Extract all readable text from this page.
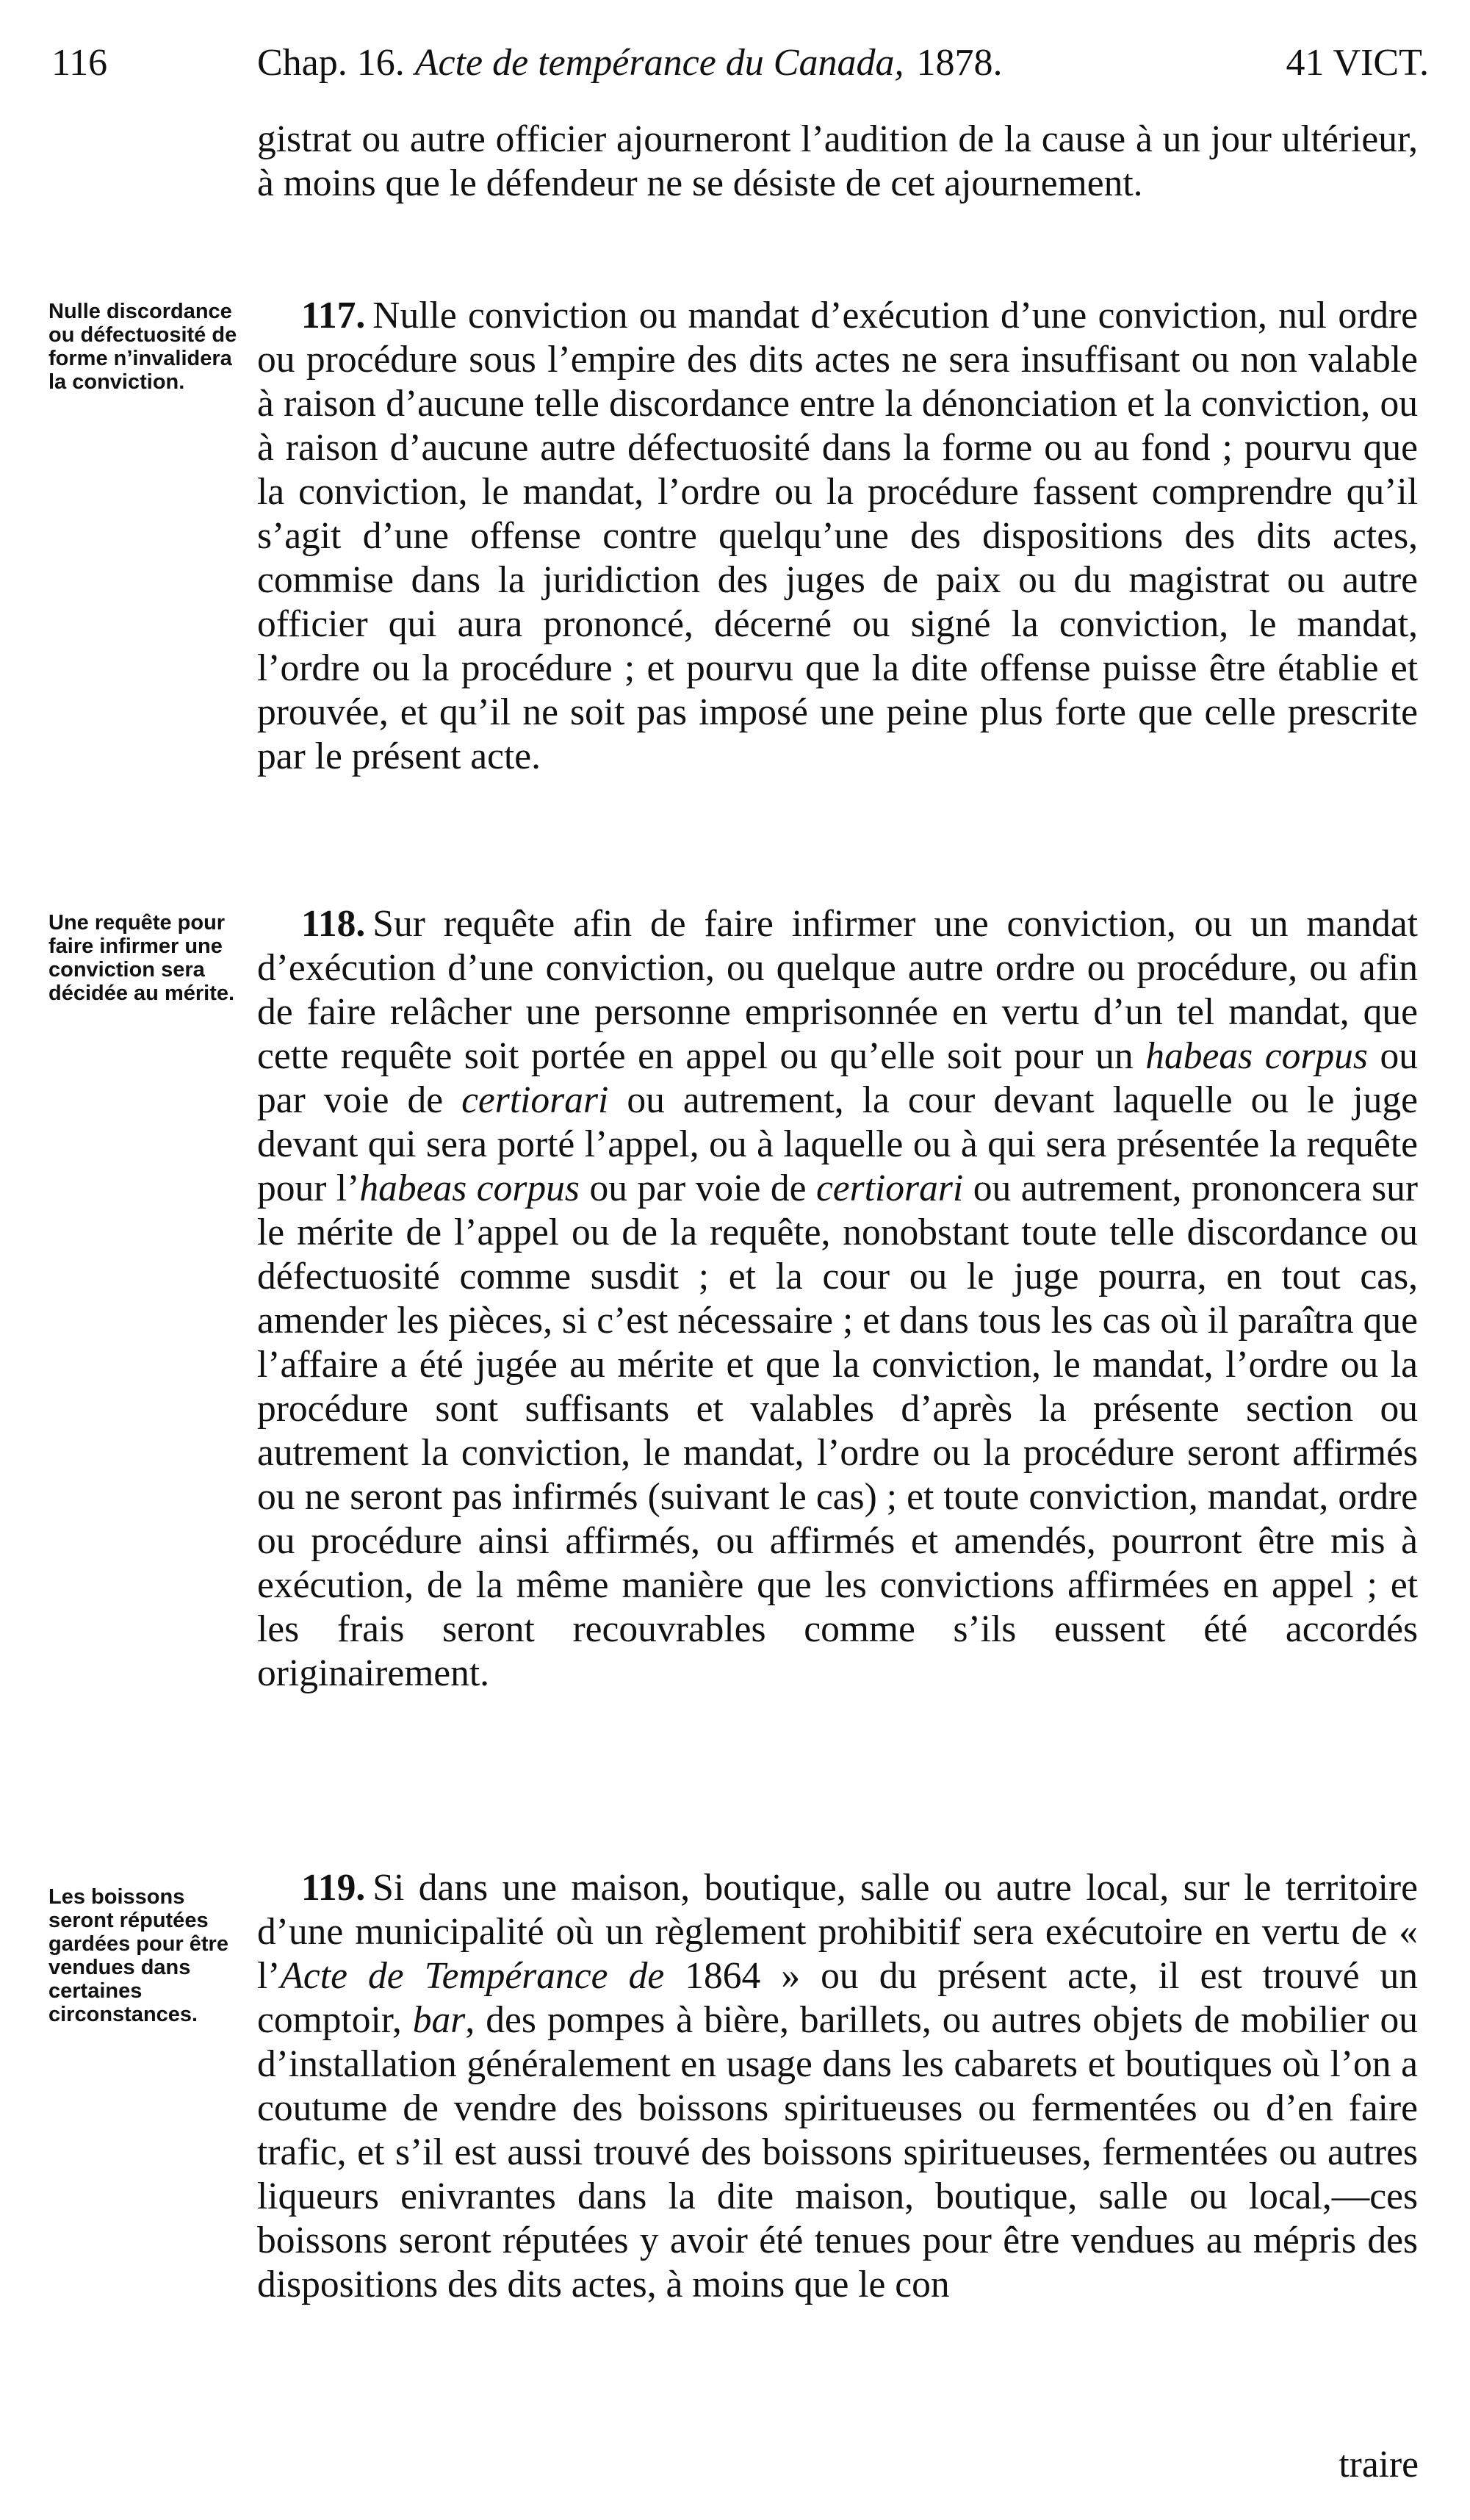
116	Chap. 16. Acte de tempérance du Canada, 1878.	41 VICT.
gistrat ou autre officier ajourneront l’audition de la cause à un jour ultérieur, à moins que le défendeur ne se désiste de cet ajournement.
Nulle discordance ou défectuosité de forme n’invalidera la conviction.
117. Nulle conviction ou mandat d’exécution d’une conviction, nul ordre ou procédure sous l’empire des dits actes ne sera insuffisant ou non valable à raison d’aucune telle discordance entre la dénonciation et la conviction, ou à raison d’aucune autre défectuosité dans la forme ou au fond ; pourvu que la conviction, le mandat, l’ordre ou la procédure fassent comprendre qu’il s’agit d’une offense contre quelqu’une des dispositions des dits actes, commise dans la juridiction des juges de paix ou du magistrat ou autre officier qui aura prononcé, décerné ou signé la conviction, le mandat, l’ordre ou la procédure ; et pourvu que la dite offense puisse être établie et prouvée, et qu’il ne soit pas imposé une peine plus forte que celle prescrite par le présent acte.
Une requête pour faire infirmer une conviction sera décidée au mérite.
118. Sur requête afin de faire infirmer une conviction, ou un mandat d’exécution d’une conviction, ou quelque autre ordre ou procédure, ou afin de faire relâcher une personne emprisonnée en vertu d’un tel mandat, que cette requête soit portée en appel ou qu’elle soit pour un habeas corpus ou par voie de certiorari ou autrement, la cour devant laquelle ou le juge devant qui sera porté l’appel, ou à laquelle ou à qui sera présentée la requête pour l’habeas corpus ou par voie de certiorari ou autrement, prononcera sur le mérite de l’appel ou de la requête, nonobstant toute telle discordance ou défectuosité comme susdit ; et la cour ou le juge pourra, en tout cas, amender les pièces, si c’est nécessaire ; et dans tous les cas où il paraîtra que l’affaire a été jugée au mérite et que la conviction, le mandat, l’ordre ou la procédure sont suffisants et valables d’après la présente section ou autrement la conviction, le mandat, l’ordre ou la procédure seront affirmés ou ne seront pas infirmés (suivant le cas) ; et toute conviction, mandat, ordre ou procédure ainsi affirmés, ou affirmés et amendés, pourront être mis à exécution, de la même manière que les convictions affirmées en appel ; et les frais seront recouvrables comme s’ils eussent été accordés originairement.
Les boissons seront réputées gardées pour être vendues dans certaines circonstances.
119. Si dans une maison, boutique, salle ou autre local, sur le territoire d’une municipalité où un règlement prohibitif sera exécutoire en vertu de « l’Acte de Tempérance de 1864 » ou du présent acte, il est trouvé un comptoir, bar, des pompes à bière, barillets, ou autres objets de mobilier ou d’installation généralement en usage dans les cabarets et boutiques où l’on a coutume de vendre des boissons spiritueuses ou fermentées ou d’en faire trafic, et s’il est aussi trouvé des boissons spiritueuses, fermentées ou autres liqueurs enivrantes dans la dite maison, boutique, salle ou local,—ces boissons seront réputées y avoir été tenues pour être vendues au mépris des dispositions des dits actes, à moins que le con
traire
